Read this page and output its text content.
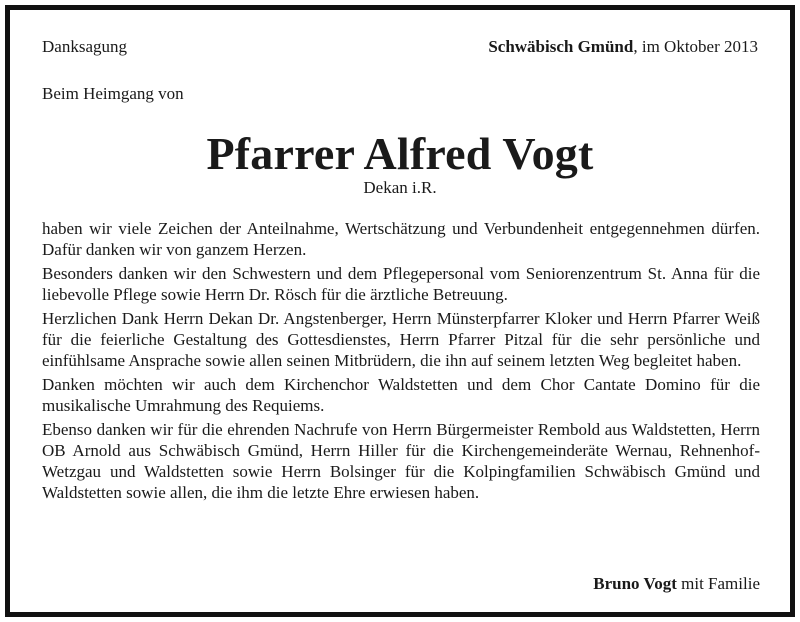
Danksagung	Schwäbisch Gmünd, im Oktober 2013
Beim Heimgang von
Pfarrer Alfred Vogt
Dekan i.R.

haben wir viele Zeichen der Anteilnahme, Wertschätzung und Verbundenheit entgegennehmen dürfen. Dafür danken wir von ganzem Herzen.

Besonders danken wir den Schwestern und dem Pflegepersonal vom Seniorenzentrum St. Anna für die liebevolle Pflege sowie Herrn Dr. Rösch für die ärztliche Betreuung.

Herzlichen Dank Herrn Dekan Dr. Angstenberger, Herrn Münsterpfarrer Kloker und Herrn Pfarrer Weiß für die feierliche Gestaltung des Gottesdienstes, Herrn Pfarrer Pitzal für die sehr persönliche und einfühlsame Ansprache sowie allen seinen Mitbrüdern, die ihn auf seinem letzten Weg begleitet haben.

Danken möchten wir auch dem Kirchenchor Waldstetten und dem Chor Cantate Domino für die musikalische Umrahmung des Requiems.

Ebenso danken wir für die ehrenden Nachrufe von Herrn Bürgermeister Rembold aus Waldstetten, Herrn OB Arnold aus Schwäbisch Gmünd, Herrn Hiller für die Kirchengemeinderäte Wernau, Rehnenhof-Wetzgau und Waldstetten sowie Herrn Bolsinger für die Kolpingfamilien Schwäbisch Gmünd und Waldstetten sowie allen, die ihm die letzte Ehre erwiesen haben.

Bruno Vogt mit Familie
